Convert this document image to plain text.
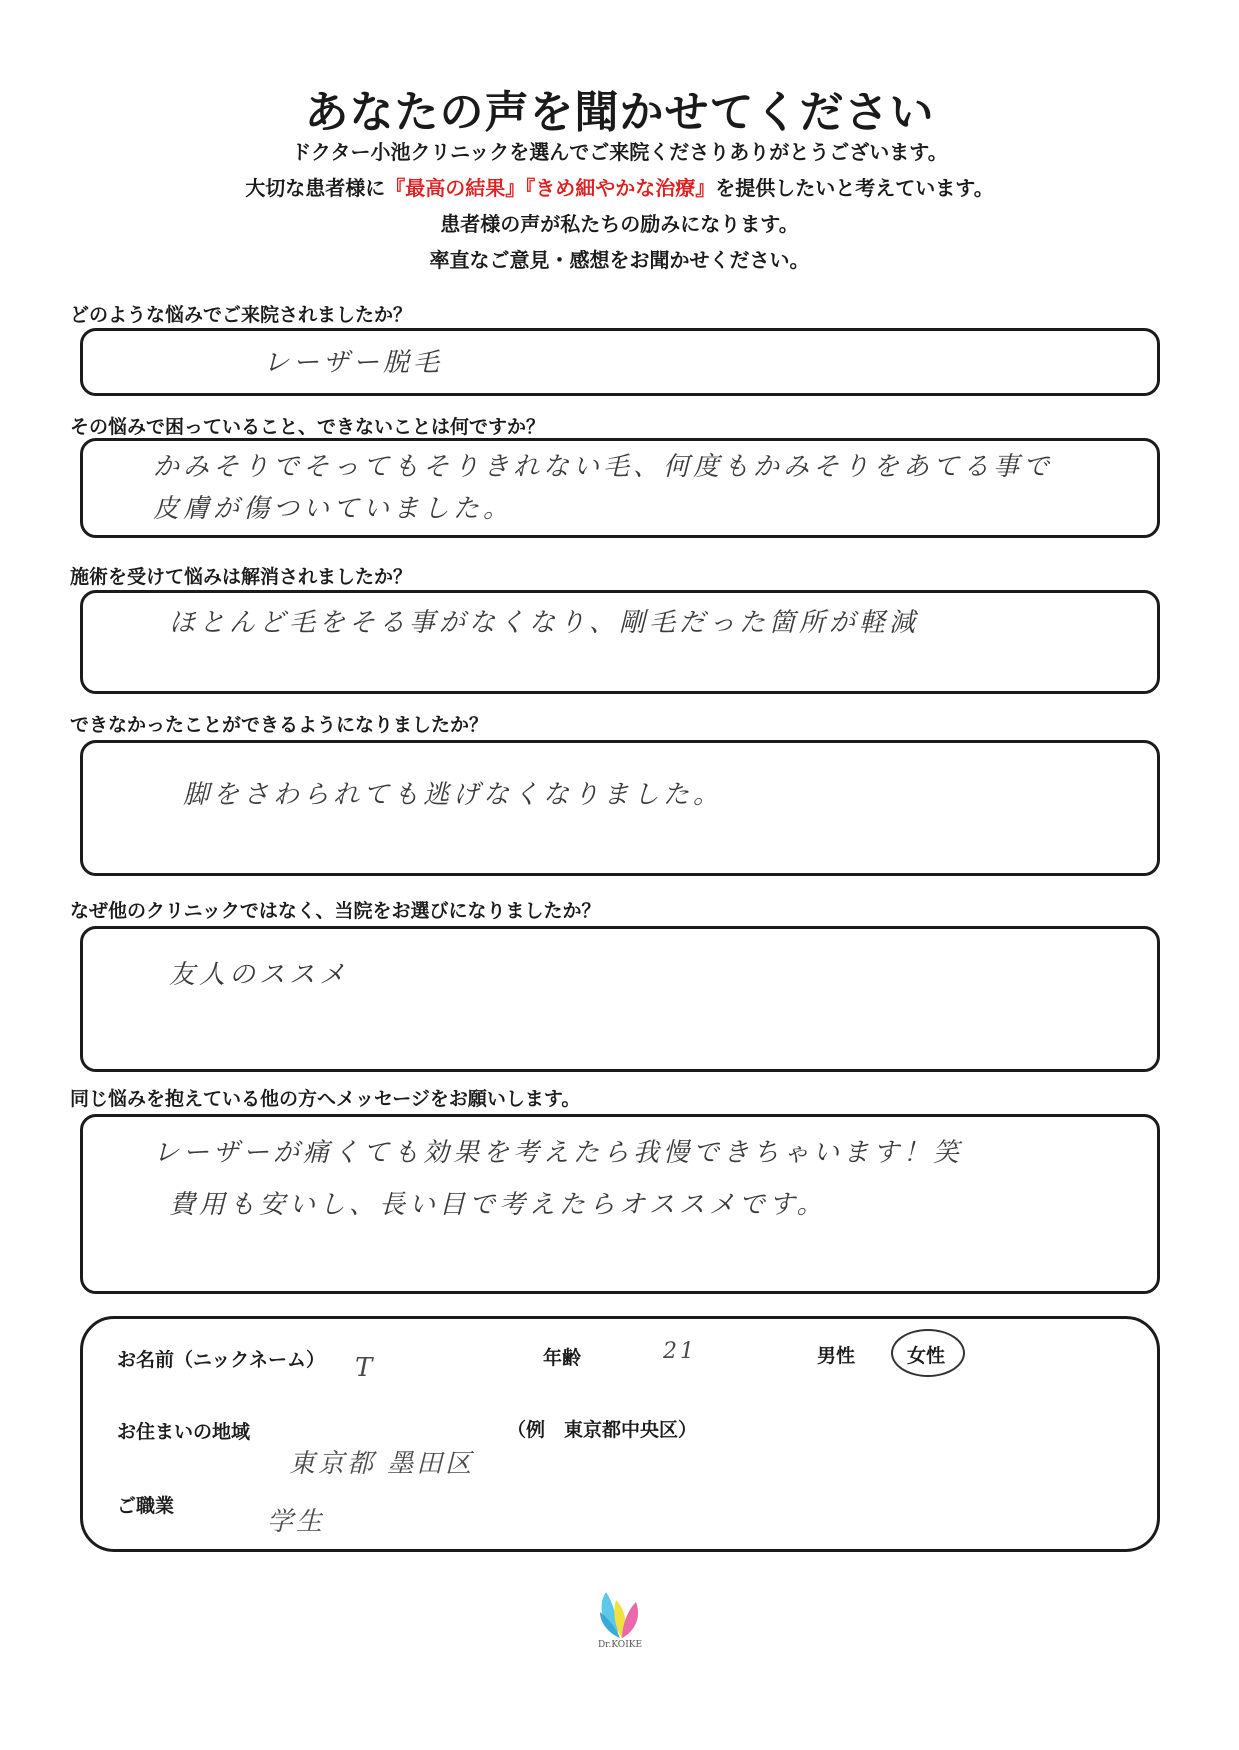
あなたの声を聞かせてください
ドクター小池クリニックを選んでご来院くださりありがとうございます。
大切な患者様に『最高の結果』『きめ細やかな治療』を提供したいと考えています。
患者様の声が私たちの励みになります。
率直なご意見・感想をお聞かせください。
どのような悩みでご来院されましたか？
レーザー脱毛
その悩みで困っていること、できないことは何ですか？
かみそりでそってもそりきれない毛、何度もかみそりをあてる事で
皮膚が傷ついていました。
施術を受けて悩みは解消されましたか？
ほとんど毛をそる事がなくなり、剛毛だった箇所が軽減
できなかったことができるようになりましたか？
脚をさわられても逃げなくなりました。
なぜ他のクリニックではなく、当院をお選びになりましたか？
友人のススメ
同じ悩みを抱えている他の方へメッセージをお願いします。
レーザーが痛くても効果を考えたら我慢できちゃいます！笑
費用も安いし、長い目で考えたらオススメです。
お名前（ニックネーム） T	年齢	21	男性	女性
お住まいの地域	（例　東京都中央区）
東京都 墨田区
ご職業
学生
Dr.KOIKE
